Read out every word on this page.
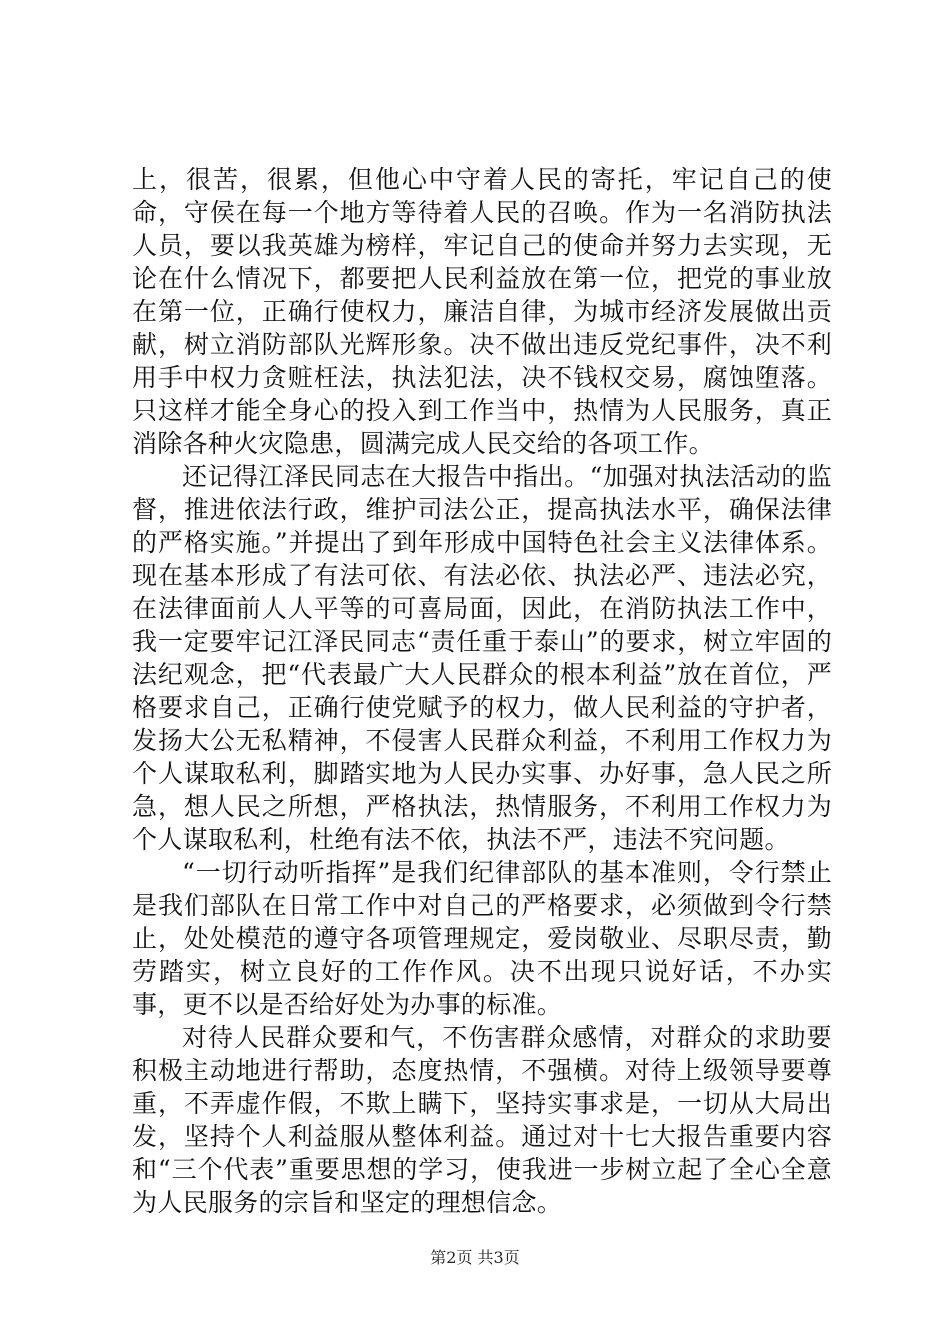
上，很苦，很累，但他心中守着人民的寄托，牢记自己的使命，守侯在每一个地方等待着人民的召唤。作为一名消防执法人员，要以我英雄为榜样，牢记自己的使命并努力去实现，无论在什么情况下，都要把人民利益放在第一位，把党的事业放在第一位，正确行使权力，廉洁自律，为城市经济发展做出贡献，树立消防部队光辉形象。决不做出违反党纪事件，决不利用手中权力贪赃枉法，执法犯法，决不钱权交易，腐蚀堕落。只这样才能全身心的投入到工作当中，热情为人民服务，真正消除各种火灾隐患，圆满完成人民交给的各项工作。

还记得江泽民同志在大报告中指出。“加强对执法活动的监督，推进依法行政，维护司法公正，提高执法水平，确保法律的严格实施。”并提出了到年形成中国特色社会主义法律体系。现在基本形成了有法可依、有法必依、执法必严、违法必究，在法律面前人人平等的可喜局面，因此，在消防执法工作中，我一定要牢记江泽民同志“责任重于泰山”的要求，树立牢固的法纪观念，把“代表最广大人民群众的根本利益”放在首位，严格要求自己，正确行使党赋予的权力，做人民利益的守护者，发扬大公无私精神，不侵害人民群众利益，不利用工作权力为个人谋取私利，脚踏实地为人民办实事、办好事，急人民之所急，想人民之所想，严格执法，热情服务，不利用工作权力为个人谋取私利，杜绝有法不依，执法不严，违法不究问题。

“一切行动听指挥”是我们纪律部队的基本准则，令行禁止是我们部队在日常工作中对自己的严格要求，必须做到令行禁止，处处模范的遵守各项管理规定，爱岗敬业、尽职尽责，勤劳踏实，树立良好的工作作风。决不出现只说好话，不办实事，更不以是否给好处为办事的标准。

对待人民群众要和气，不伤害群众感情，对群众的求助要积极主动地进行帮助，态度热情，不强横。对待上级领导要尊重，不弄虚作假，不欺上瞒下，坚持实事求是，一切从大局出发，坚持个人利益服从整体利益。通过对十七大报告重要内容和“三个代表”重要思想的学习，使我进一步树立起了全心全意为人民服务的宗旨和坚定的理想信念。

第2页 共3页
